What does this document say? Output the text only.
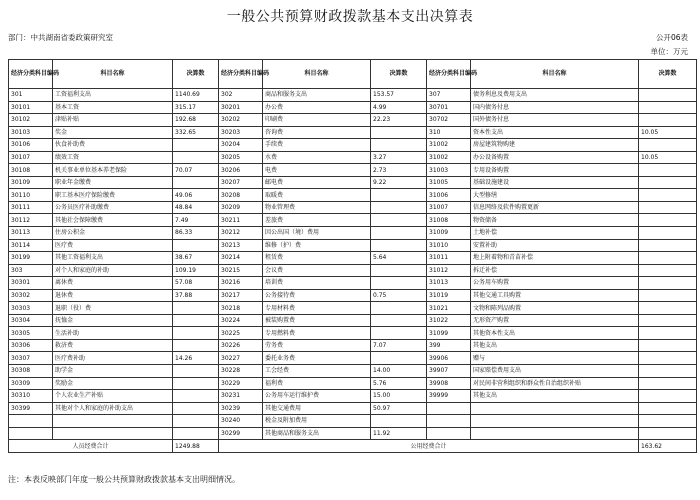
一般公共预算财政拨款基本支出决算表
部门：中共湖南省委政策研究室	公开06表
单位：万元
经济分类科目编码	科目名称	决算数	经济分类科目编码	科目名称	决算数	经济分类科目编码	科目名称	决算数
301	工资福利支出	1140.69	302	商品和服务支出	153.57	307	债务利息及费用支出	
30101	基本工资	315.17	30201	办公费	4.99	30701	国内债务付息	
30102	津贴补贴	192.68	30202	印刷费	22.23	30702	国外债务付息	
30103	奖金	332.65	30203	咨询费		310	资本性支出	10.05
30106	伙食补助费		30204	手续费		31002	房屋建筑物购建	
30107	绩效工资		30205	水费	3.27	31002	办公设备购置	10.05
30108	机关事业单位基本养老保险	70.07	30206	电费	2.73	31003	专用设备购置	
30109	职业年金缴费		30207	邮电费	9.22	31005	基础设施建设	
30110	职工基本医疗保险缴费	49.06	30208	取暖费		31006	大型修缮	
30111	公务员医疗补助缴费	48.84	30209	物业管理费		31007	信息网络及软件购置更新	
30112	其他社会保障缴费	7.49	30211	差旅费		31008	物资储备	
30113	住房公积金	86.33	30212	因公出国（境）费用		31009	土地补偿	
30114	医疗费		30213	维修（护）费		31010	安置补助	
30199	其他工资福利支出	38.67	30214	租赁费	5.64	31011	地上附着物和青苗补偿	
303	对个人和家庭的补助	109.19	30215	会议费		31012	拆迁补偿	
30301	离休费	57.08	30216	培训费		31013	公务用车购置	
30302	退休费	37.88	30217	公务接待费	0.75	31019	其他交通工具购置	
30303	退职（役）费		30218	专用材料费		31021	文物和陈列品购置	
30304	抚恤金		30224	被装购置费		31022	无形资产购置	
30305	生活补助		30225	专用燃料费		31099	其他资本性支出	
30306	救济费		30226	劳务费	7.07	399	其他支出	
30307	医疗费补助	14.26	30227	委托业务费		39906	赠与	
30308	助学金		30228	工会经费	14.00	39907	国家赔偿费用支出	
30309	奖励金		30229	福利费	5.76	39908	对民间非营利组织和群众性自治组织补贴	
30310	个人农业生产补贴		30231	公务用车运行维护费	15.00	39999	其他支出	
30399	其他对个人和家庭的补助支出		30239	其他交通费用	50.97			
			30240	税金及附加费用				
			30299	其他商品和服务支出	11.92			
人员经费合计		1249.88	公用经费合计					163.62
注：本表反映部门年度一般公共预算财政拨款基本支出明细情况。
